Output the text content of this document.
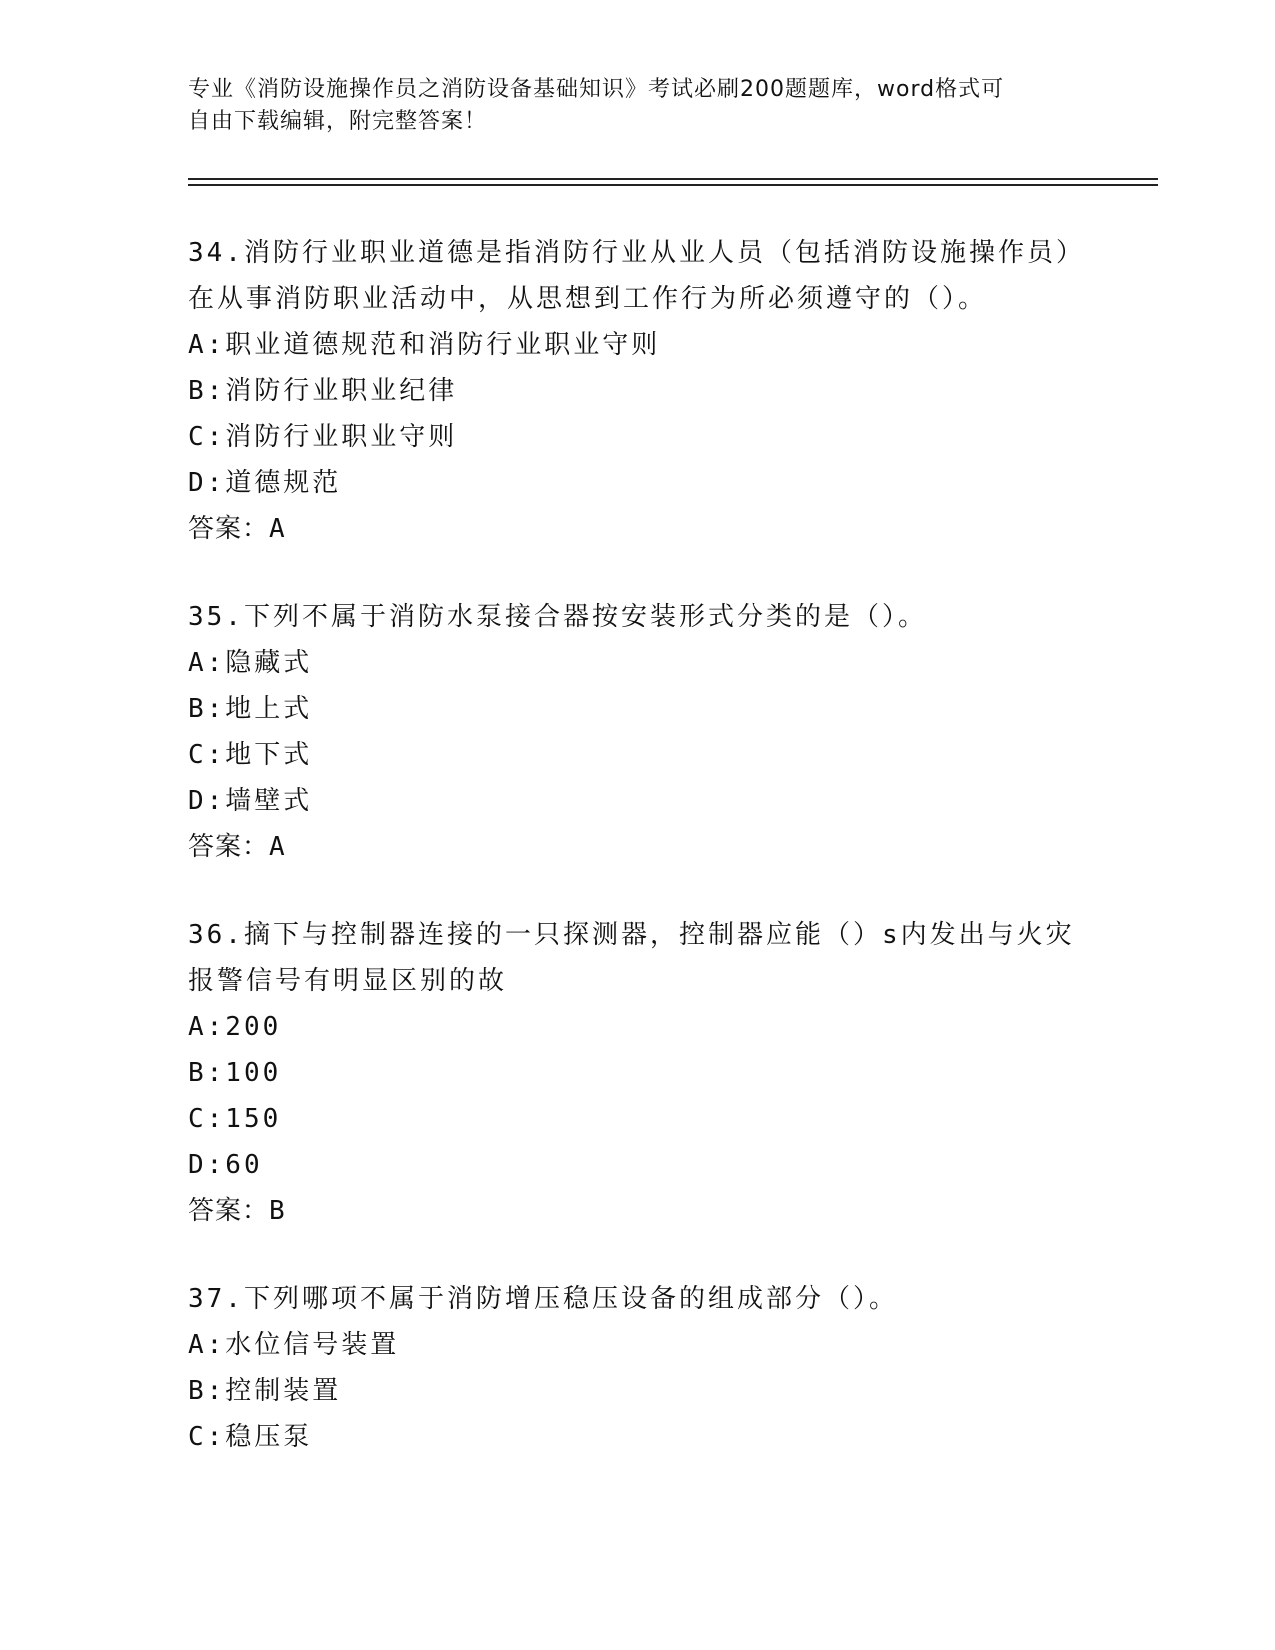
专业《消防设施操作员之消防设备基础知识》考试必刷200题题库，word格式可
自由下载编辑，附完整答案！
34.消防行业职业道德是指消防行业从业人员（包括消防设施操作员）
在从事消防职业活动中，从思想到工作行为所必须遵守的（）。
A:职业道德规范和消防行业职业守则
B:消防行业职业纪律
C:消防行业职业守则
D:道德规范
答案：A
35.下列不属于消防水泵接合器按安装形式分类的是（）。
A:隐藏式
B:地上式
C:地下式
D:墙壁式
答案：A
36.摘下与控制器连接的一只探测器，控制器应能（）s内发出与火灾
报警信号有明显区别的故
A:200
B:100
C:150
D:60
答案：B
37.下列哪项不属于消防增压稳压设备的组成部分（）。
A:水位信号装置
B:控制装置
C:稳压泵
